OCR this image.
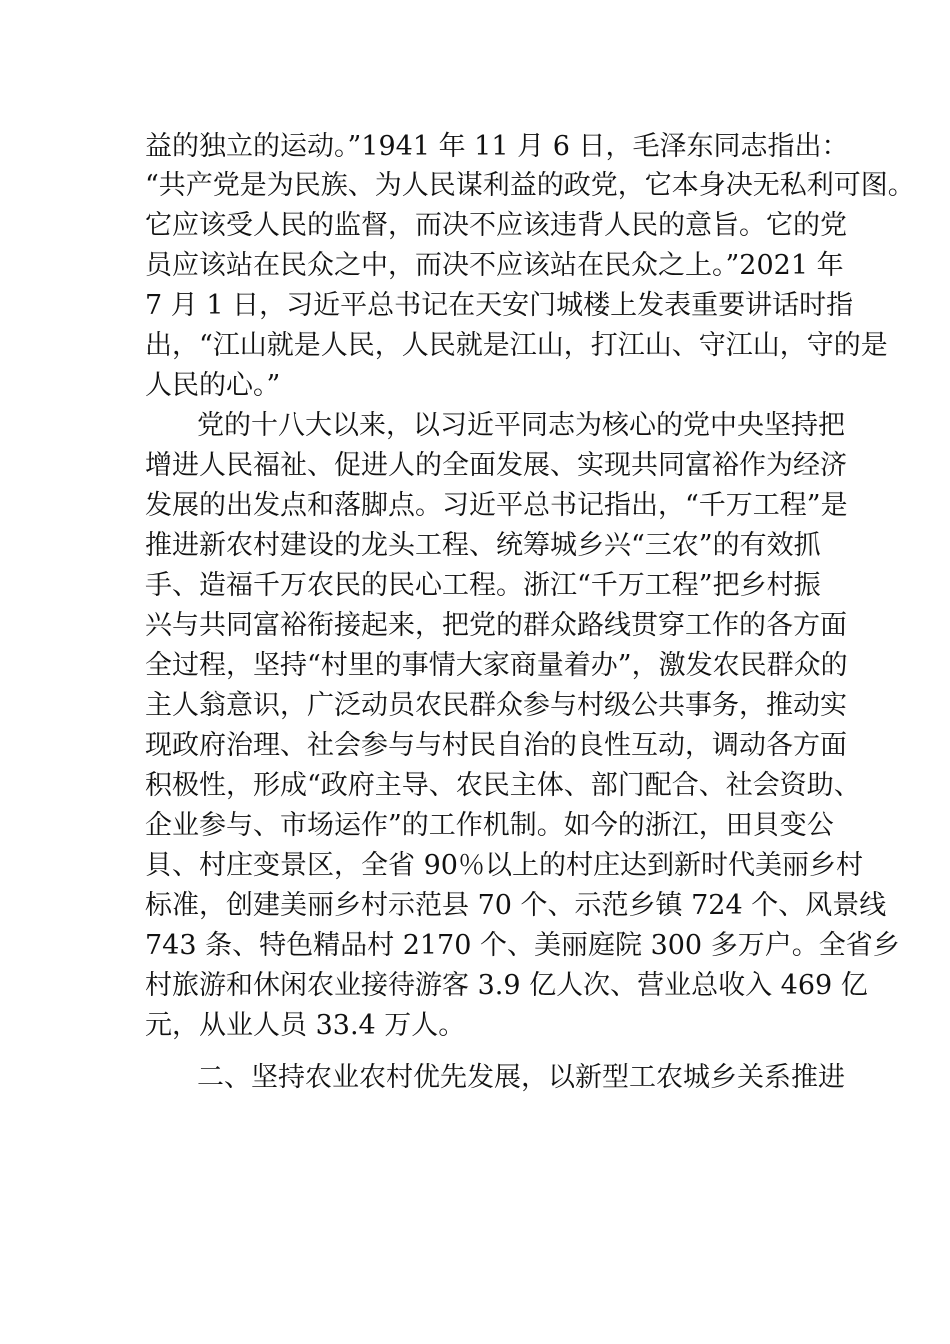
益的独立的运动。”1941 年 11 月 6 日，毛泽东同志指出：
“共产党是为民族、为人民谋利益的政党，它本身决无私利可图。
它应该受人民的监督，而决不应该违背人民的意旨。它的党
员应该站在民众之中，而决不应该站在民众之上。”2021 年
7 月 1 日，习近平总书记在天安门城楼上发表重要讲话时指
出，“江山就是人民，人民就是江山，打江山、守江山，守的是
人民的心。”
党的十八大以来，以习近平同志为核心的党中央坚持把
增进人民福祉、促进人的全面发展、实现共同富裕作为经济
发展的出发点和落脚点。习近平总书记指出，“千万工程”是
推进新农村建设的龙头工程、统筹城乡兴“三农”的有效抓
手、造福千万农民的民心工程。浙江“千万工程”把乡村振
兴与共同富裕衔接起来，把党的群众路线贯穿工作的各方面
全过程，坚持“村里的事情大家商量着办”，激发农民群众的
主人翁意识，广泛动员农民群众参与村级公共事务，推动实
现政府治理、社会参与与村民自治的良性互动，调动各方面
积极性，形成“政府主导、农民主体、部门配合、社会资助、
企业参与、市场运作”的工作机制。如今的浙江，田⾙变公
⾙、村庄变景区，全省 90％以上的村庄达到新时代美丽乡村
标准，创建美丽乡村示范县 70 个、示范乡镇 724 个、风景线
743 条、特色精品村 2170 个、美丽庭院 300 多万户。全省乡
村旅游和休闲农业接待游客 3.9 亿人次、营业总收入 469 亿
元，从业人员 33.4 万人。
二、坚持农业农村优先发展，以新型工农城乡关系推进
